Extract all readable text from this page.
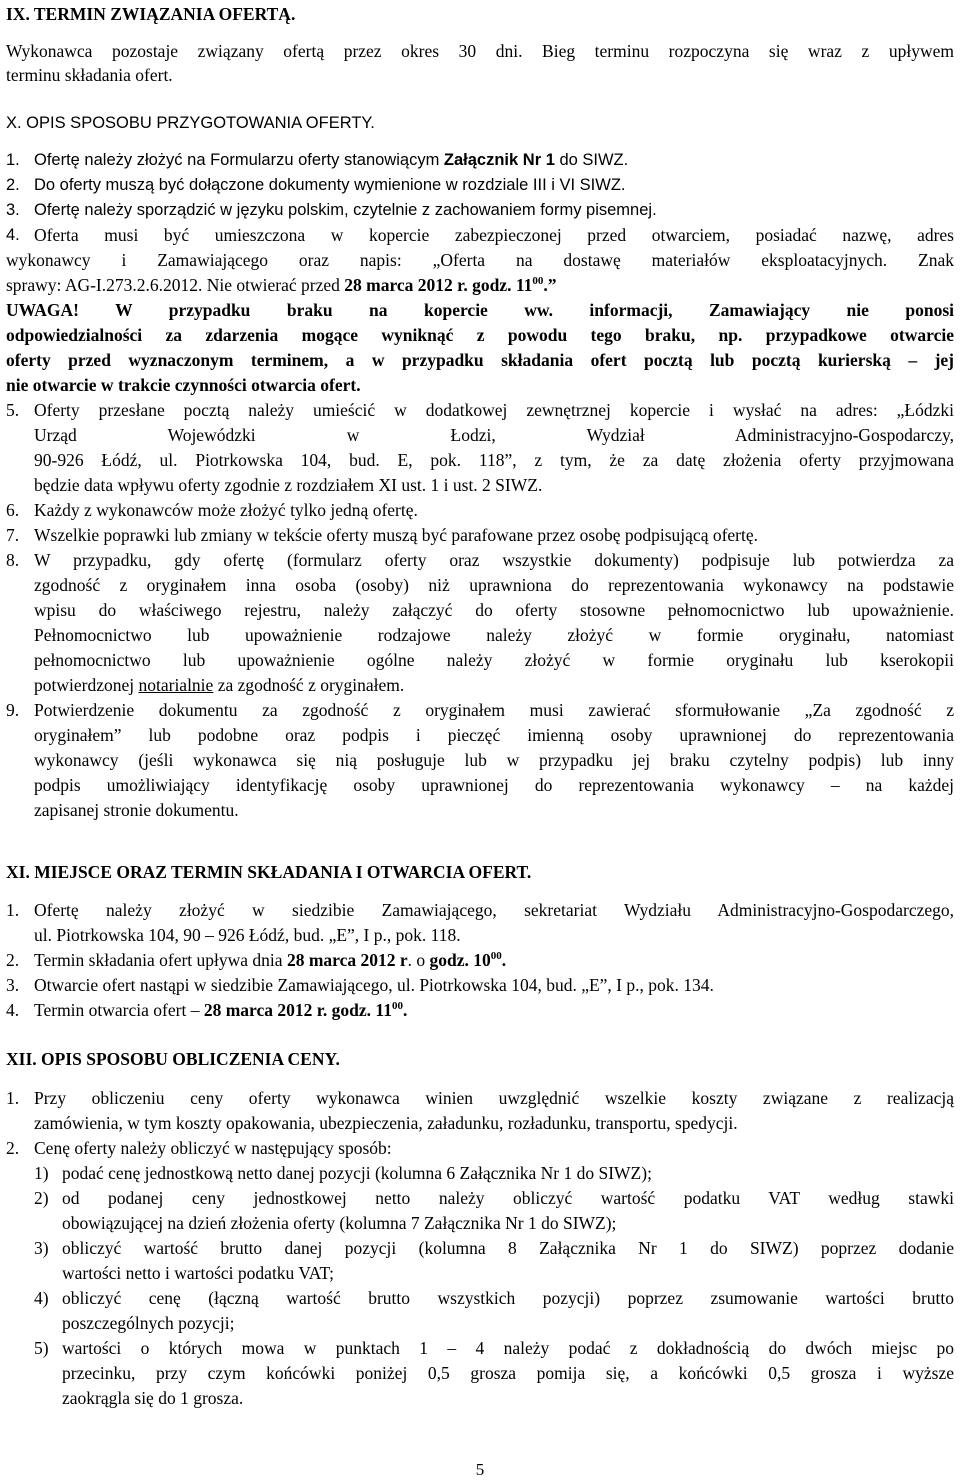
IX. TERMIN ZWIĄZANIA OFERTĄ.
Wykonawca pozostaje związany ofertą przez okres 30 dni. Bieg terminu rozpoczyna się wraz z upływem
terminu składania ofert.
X. OPIS SPOSOBU PRZYGOTOWANIA OFERTY.
1. Ofertę należy złożyć na Formularzu oferty stanowiącym Załącznik Nr 1 do SIWZ.
2. Do oferty muszą być dołączone dokumenty wymienione w rozdziale III i VI SIWZ.
3. Ofertę należy sporządzić w języku polskim, czytelnie z zachowaniem formy pisemnej.
4. Oferta musi być umieszczona w kopercie zabezpieczonej przed otwarciem, posiadać nazwę, adres
wykonawcy i Zamawiającego oraz napis: „Oferta na dostawę materiałów eksploatacyjnych. Znak
sprawy: AG-I.273.2.6.2012. Nie otwierać przed 28 marca 2012 r. godz. $11^{00}$.”
UWAGA! W przypadku braku na kopercie ww. informacji, Zamawiający nie ponosi
odpowiedzialności za zdarzenia mogące wyniknąć z powodu tego braku, np. przypadkowe otwarcie
oferty przed wyznaczonym terminem, a w przypadku składania ofert pocztą lub pocztą kurierską – jej
nie otwarcie w trakcie czynności otwarcia ofert.
5. Oferty przesłane pocztą należy umieścić w dodatkowej zewnętrznej kopercie i wysłać na adres: „Łódzki
Urząd Wojewódzki w Łodzi, Wydział Administracyjno-Gospodarczy,
90-926 Łódź, ul. Piotrkowska 104, bud. E, pok. 118”, z tym, że za datę złożenia oferty przyjmowana
będzie data wpływu oferty zgodnie z rozdziałem XI ust. 1 i ust. 2 SIWZ.
6. Każdy z wykonawców może złożyć tylko jedną ofertę.
7. Wszelkie poprawki lub zmiany w tekście oferty muszą być parafowane przez osobę podpisującą ofertę.
8. W przypadku, gdy ofertę (formularz oferty oraz wszystkie dokumenty) podpisuje lub potwierdza za
zgodność z oryginałem inna osoba (osoby) niż uprawniona do reprezentowania wykonawcy na podstawie
wpisu do właściwego rejestru, należy załączyć do oferty stosowne pełnomocnictwo lub upoważnienie.
Pełnomocnictwo lub upoważnienie rodzajowe należy złożyć w formie oryginału, natomiast
pełnomocnictwo lub upoważnienie ogólne należy złożyć w formie oryginału lub kserokopii
potwierdzonej notarialnie za zgodność z oryginałem.
9. Potwierdzenie dokumentu za zgodność z oryginałem musi zawierać sformułowanie „Za zgodność z
oryginałem” lub podobne oraz podpis i pieczęć imienną osoby uprawnionej do reprezentowania
wykonawcy (jeśli wykonawca się nią posługuje lub w przypadku jej braku czytelny podpis) lub inny
podpis umożliwiający identyfikację osoby uprawnionej do reprezentowania wykonawcy – na każdej
zapisanej stronie dokumentu.
XI. MIEJSCE ORAZ TERMIN SKŁADANIA I OTWARCIA OFERT.
1. Ofertę należy złożyć w siedzibie Zamawiającego, sekretariat Wydziału Administracyjno-Gospodarczego,
ul. Piotrkowska 104, 90 – 926 Łódź, bud. „E”, I p., pok. 118.
2. Termin składania ofert upływa dnia 28 marca 2012 r. o godz. $10^{00}$.
3. Otwarcie ofert nastąpi w siedzibie Zamawiającego, ul. Piotrkowska 104, bud. „E”, I p., pok. 134.
4. Termin otwarcia ofert – 28 marca 2012 r. godz. $11^{00}$.
XII. OPIS SPOSOBU OBLICZENIA CENY.
1. Przy obliczeniu ceny oferty wykonawca winien uwzględnić wszelkie koszty związane z realizacją
zamówienia, w tym koszty opakowania, ubezpieczenia, załadunku, rozładunku, transportu, spedycji.
2. Cenę oferty należy obliczyć w następujący sposób:
1) podać cenę jednostkową netto danej pozycji (kolumna 6 Załącznika Nr 1 do SIWZ);
2) od podanej ceny jednostkowej netto należy obliczyć wartość podatku VAT według stawki
obowiązującej na dzień złożenia oferty (kolumna 7 Załącznika Nr 1 do SIWZ);
3) obliczyć wartość brutto danej pozycji (kolumna 8 Załącznika Nr 1 do SIWZ) poprzez dodanie
wartości netto i wartości podatku VAT;
4) obliczyć cenę (łączną wartość brutto wszystkich pozycji) poprzez zsumowanie wartości brutto
poszczególnych pozycji;
5) wartości o których mowa w punktach 1 – 4 należy podać z dokładnością do dwóch miejsc po
przecinku, przy czym końcówki poniżej 0,5 grosza pomija się, a końcówki 0,5 grosza i wyższe
zaokrągla się do 1 grosza.
5
